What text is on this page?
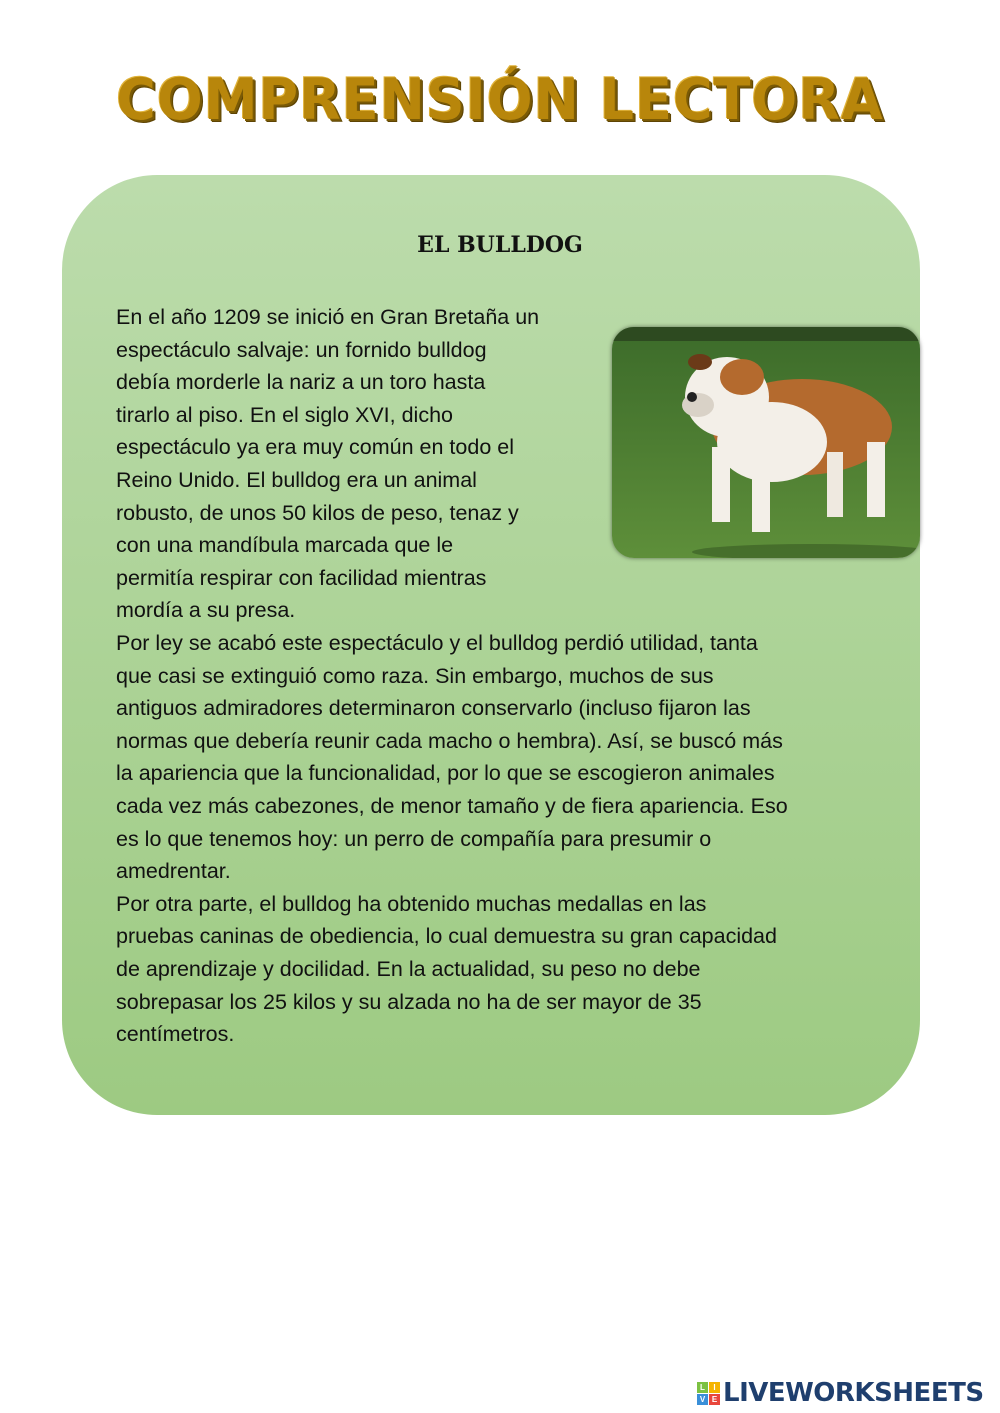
COMPRENSIÓN LECTORA
EL BULLDOG
En el año 1209 se inició en Gran Bretaña un
espectáculo salvaje: un fornido bulldog
debía morderle la nariz a un toro hasta
tirarlo al piso. En el siglo XVI, dicho
espectáculo ya era muy común en todo el
Reino Unido. El bulldog era un animal
robusto, de unos 50 kilos de peso, tenaz y
con una mandíbula marcada que le
permitía respirar con facilidad mientras
mordía a su presa.
Por ley se acabó este espectáculo y el bulldog perdió utilidad, tanta
que casi se extinguió como raza. Sin embargo, muchos de sus
antiguos admiradores determinaron conservarlo (incluso fijaron las
normas que debería reunir cada macho o hembra). Así, se buscó más
la apariencia que la funcionalidad, por lo que se escogieron animales
cada vez más cabezones, de menor tamaño y de fiera apariencia. Eso
es lo que tenemos hoy: un perro de compañía para presumir o
amedrentar.
Por otra parte, el bulldog ha obtenido muchas medallas en las
pruebas caninas de obediencia, lo cual demuestra su gran capacidad
de aprendizaje y docilidad. En la actualidad, su peso no debe
sobrepasar los 25 kilos y su alzada no ha de ser mayor de 35
centímetros.
L	I
V E LIVEWORKSHEETS
